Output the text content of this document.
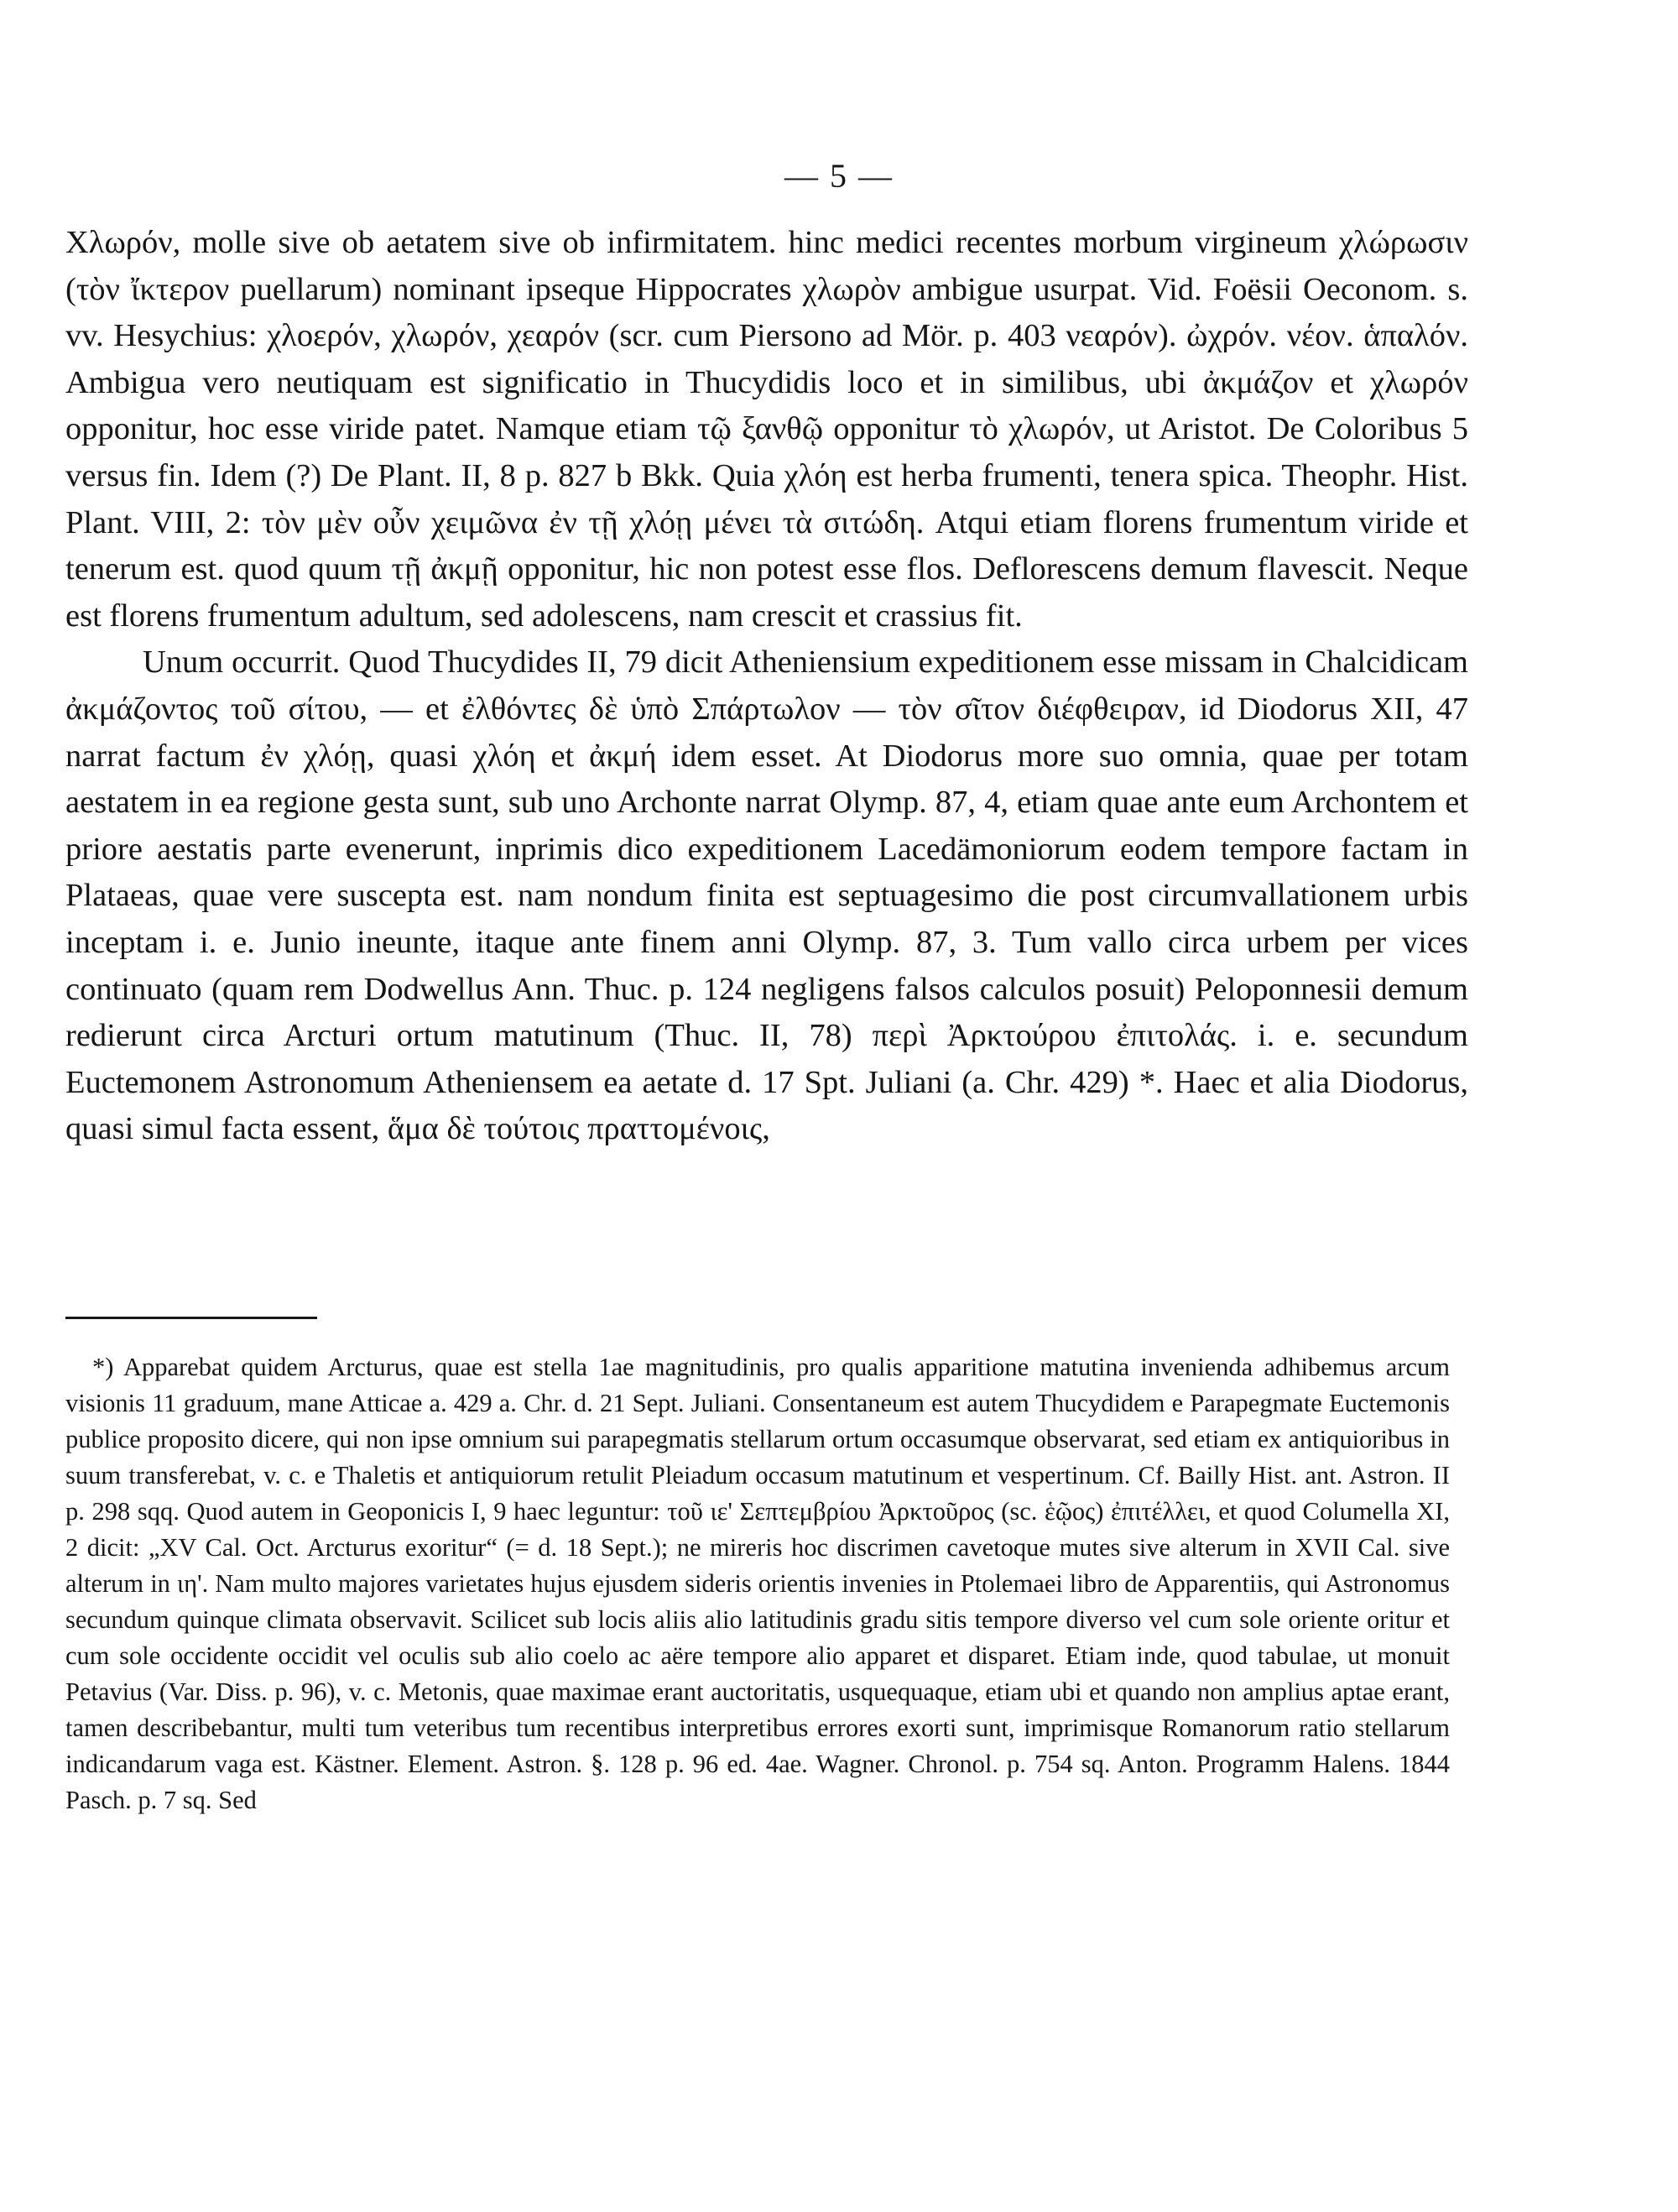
— 5 —

Χλωρόν, molle sive ob aetatem sive ob infirmitatem. hinc medici recentes morbum virgineum χλώρωσιν (τὸν ἴκτερον puellarum) nominant ipseque Hippocrates χλωρὸν ambigue usurpat. Vid. Foësii Oeconom. s. vv. Hesychius: χλοερόν, χλωρόν, χεαρόν (scr. cum Piersono ad Mör. p. 403 νεαρόν). ὠχρόν. νέον. ἁπαλόν. Ambigua vero neutiquam est significatio in Thucydidis loco et in similibus, ubi ἀκμάζον et χλωρόν opponitur, hoc esse viride patet. Namque etiam τῷ ξανθῷ opponitur τὸ χλωρόν, ut Aristot. De Coloribus 5 versus fin. Idem (?) De Plant. II, 8 p. 827 b Bkk. Quia χλόη est herba frumenti, tenera spica. Theophr. Hist. Plant. VIII, 2: τὸν μὲν οὖν χειμῶνα ἐν τῇ χλόῃ μένει τὰ σιτώδη. Atqui etiam florens frumentum viride et tenerum est. quod quum τῇ ἀκμῇ opponitur, hic non potest esse flos. Deflorescens demum flavescit. Neque est florens frumentum adultum, sed adolescens, nam crescit et crassius fit.

Unum occurrit. Quod Thucydides II, 79 dicit Atheniensium expeditionem esse missam in Chalcidicam ἀκμάζοντος τοῦ σίτου, — et ἐλθόντες δὲ ὑπὸ Σπάρτωλον — τὸν σῖτον διέφθειραν, id Diodorus XII, 47 narrat factum ἐν χλόῃ, quasi χλόη et ἀκμή idem esset. At Diodorus more suo omnia, quae per totam aestatem in ea regione gesta sunt, sub uno Archonte narrat Olymp. 87, 4, etiam quae ante eum Archontem et priore aestatis parte evenerunt, inprimis dico expeditionem Lacedämoniorum eodem tempore factam in Plataeas, quae vere suscepta est. nam nondum finita est septuagesimo die post circumvallationem urbis inceptam i. e. Junio ineunte, itaque ante finem anni Olymp. 87, 3. Tum vallo circa urbem per vices continuato (quam rem Dodwellus Ann. Thuc. p. 124 negligens falsos calculos posuit) Peloponnesii demum redierunt circa Arcturi ortum matutinum (Thuc. II, 78) περὶ Ἀρκτούρου ἐπιτολάς. i. e. secundum Euctemonem Astronomum Atheniensem ea aetate d. 17 Spt. Juliani (a. Chr. 429) *. Haec et alia Diodorus, quasi simul facta essent, ἅμα δὲ τούτοις πραττομένοις,

*) Apparebat quidem Arcturus, quae est stella 1ae magnitudinis, pro qualis apparitione matutina invenienda adhibemus arcum visionis 11 graduum, mane Atticae a. 429 a. Chr. d. 21 Sept. Juliani. Consentaneum est autem Thucydidem e Parapegmate Euctemonis publice proposito dicere, qui non ipse omnium sui parapegmatis stellarum ortum occasumque observarat, sed etiam ex antiquioribus in suum transferebat, v. c. e Thaletis et antiquiorum retulit Pleiadum occasum matutinum et vespertinum. Cf. Bailly Hist. ant. Astron. II p. 298 sqq. Quod autem in Geoponicis I, 9 haec leguntur: τοῦ ιε' Σεπτεμβρίου Ἀρκτοῦρος (sc. ἑῷος) ἐπιτέλλει, et quod Columella XI, 2 dicit: „XV Cal. Oct. Arcturus exoritur“ (= d. 18 Sept.); ne mireris hoc discrimen cavetoque mutes sive alterum in XVII Cal. sive alterum in ιη'. Nam multo majores varietates hujus ejusdem sideris orientis invenies in Ptolemaei libro de Apparentiis, qui Astronomus secundum quinque climata observavit. Scilicet sub locis aliis alio latitudinis gradu sitis tempore diverso vel cum sole oriente oritur et cum sole occidente occidit vel oculis sub alio coelo ac aëre tempore alio apparet et disparet. Etiam inde, quod tabulae, ut monuit Petavius (Var. Diss. p. 96), v. c. Metonis, quae maximae erant auctoritatis, usquequaque, etiam ubi et quando non amplius aptae erant, tamen describebantur, multi tum veteribus tum recentibus interpretibus errores exorti sunt, imprimisque Romanorum ratio stellarum indicandarum vaga est. Kästner. Element. Astron. §. 128 p. 96 ed. 4ae. Wagner. Chronol. p. 754 sq. Anton. Programm Halens. 1844 Pasch. p. 7 sq. Sed
